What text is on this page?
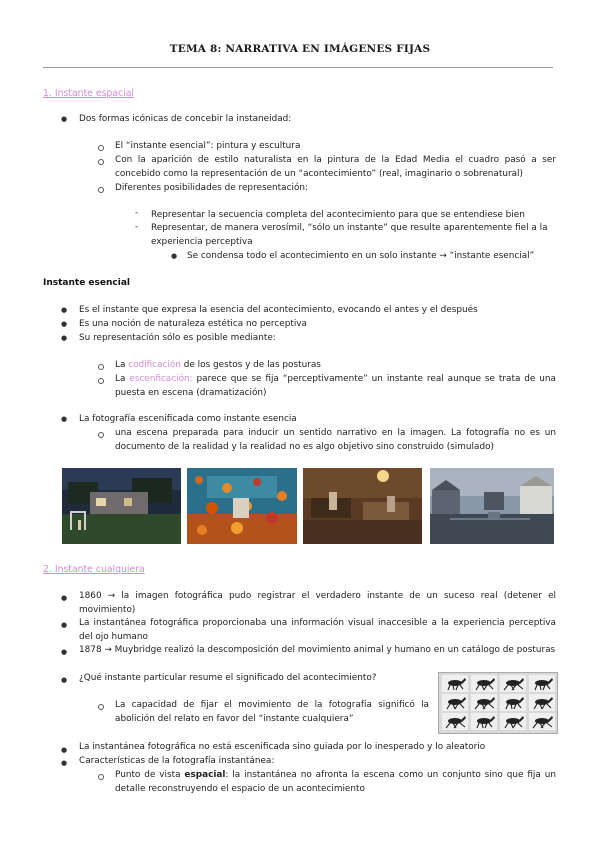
TEMA 8: NARRATIVA EN IMÁGENES FIJAS
1. Instante espacial
● Dos formas icónicas de concebir la instaneidad:
El “instante esencial”: pintura y escultura
Con la aparición de estilo naturalista en la pintura de la Edad Media el cuadro pasó a ser concebido como la representación de un “acontecimiento” (real, imaginario o sobrenatural)
Diferentes posibilidades de representación:
- Representar la secuencia completa del acontecimiento para que se entendiese bien
- Representar, de manera verosímil, “sólo un instante” que resulte aparentemente fiel a la experiencia perceptiva
● Se condensa todo el acontecimiento en un solo instante → “instante esencial”
Instante esencial
● Es el instante que expresa la esencia del acontecimiento, evocando el antes y el después
● Es una noción de naturaleza estética no perceptiva
● Su representación sólo es posible mediante:
La codificación de los gestos y de las posturas
La escenficación: parece que se fija “perceptivamente” un instante real aunque se trata de una puesta en escena (dramatización)
● La fotografía escenificada como instante esencia
una escena preparada para inducir un sentido narrativo en la imagen. La fotografía no es un documento de la realidad y la realidad no es algo objetivo sino construido (simulado)
2. Instante cualquiera
● 1860 → la imagen fotográfica pudo registrar el verdadero instante de un suceso real (detener el movimiento)
● La instantánea fotográfica proporcionaba una información visual inaccesible a la experiencia perceptiva del ojo humano
● 1878 → Muybridge realizó la descomposición del movimiento animal y humano en un catálogo de posturas
● ¿Qué instante particular resume el significado del acontecimiento?
La capacidad de fijar el movimiento de la fotografía significó la abolición del relato en favor del “instante cualquiera”
● La instantánea fotográfica no está escenificada sino guiada por lo inesperado y lo aleatorio
● Características de la fotografía instantánea:
Punto de vista espacial: la instantánea no afronta la escena como un conjunto sino que fija un detalle reconstruyendo el espacio de un acontecimiento
